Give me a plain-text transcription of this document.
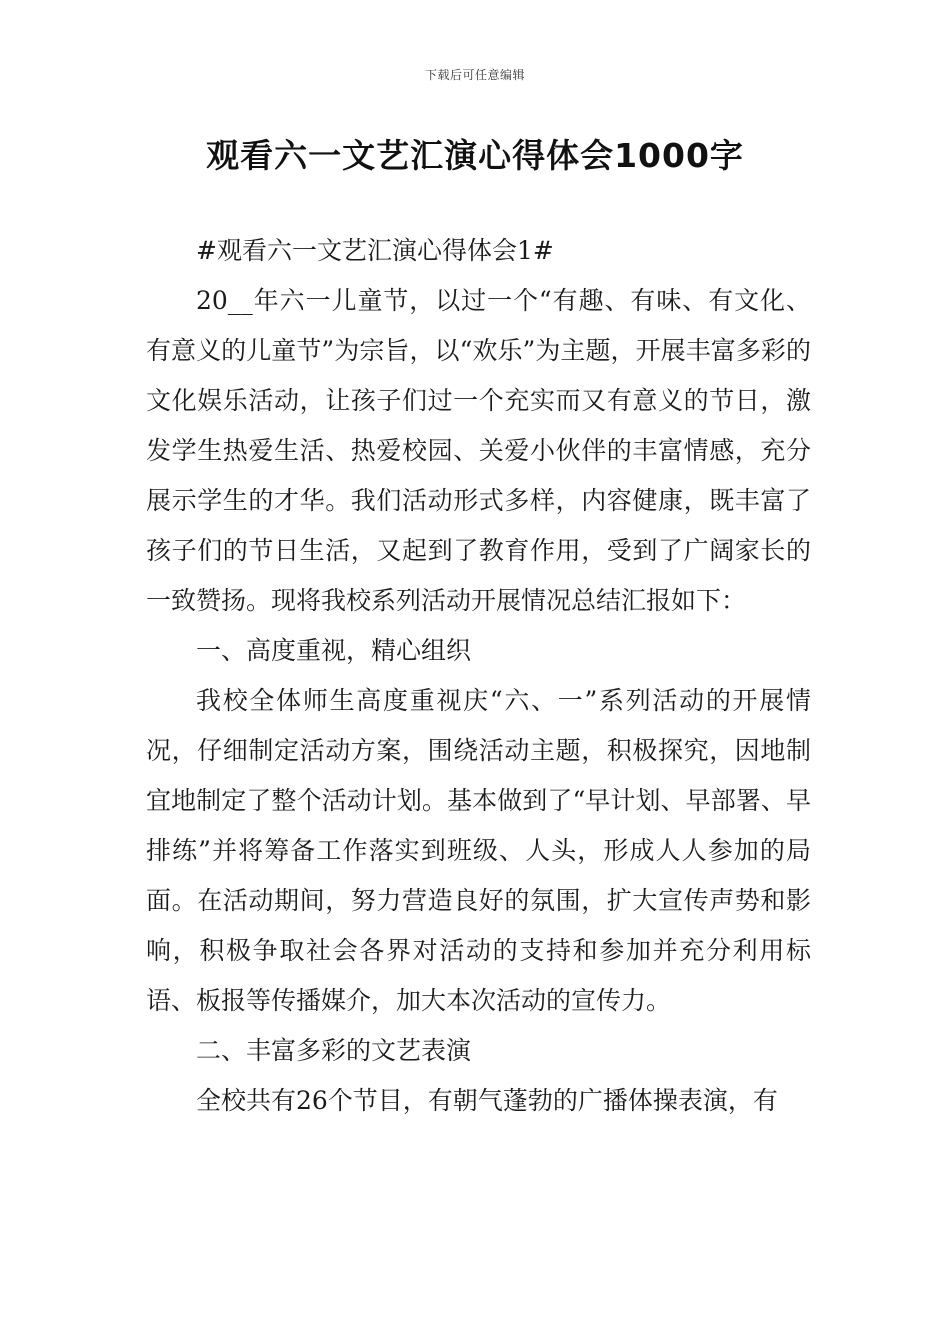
下载后可任意编辑
观看六一文艺汇演心得体会1000字

#观看六一文艺汇演心得体会1#

20__年六一儿童节，以过一个“有趣、有味、有文化、有意义的儿童节”为宗旨，以“欢乐”为主题，开展丰富多彩的文化娱乐活动，让孩子们过一个充实而又有意义的节日，激发学生热爱生活、热爱校园、关爱小伙伴的丰富情感，充分展示学生的才华。我们活动形式多样，内容健康，既丰富了孩子们的节日生活，又起到了教育作用，受到了广阔家长的一致赞扬。现将我校系列活动开展情况总结汇报如下：

一、高度重视，精心组织

我校全体师生高度重视庆“六、一”系列活动的开展情况，仔细制定活动方案，围绕活动主题，积极探究，因地制宜地制定了整个活动计划。基本做到了“早计划、早部署、早排练”并将筹备工作落实到班级、人头，形成人人参加的局面。在活动期间，努力营造良好的氛围，扩大宣传声势和影响，积极争取社会各界对活动的支持和参加并充分利用标语、板报等传播媒介，加大本次活动的宣传力。

二、丰富多彩的文艺表演

全校共有26个节目，有朝气蓬勃的广播体操表演，有
